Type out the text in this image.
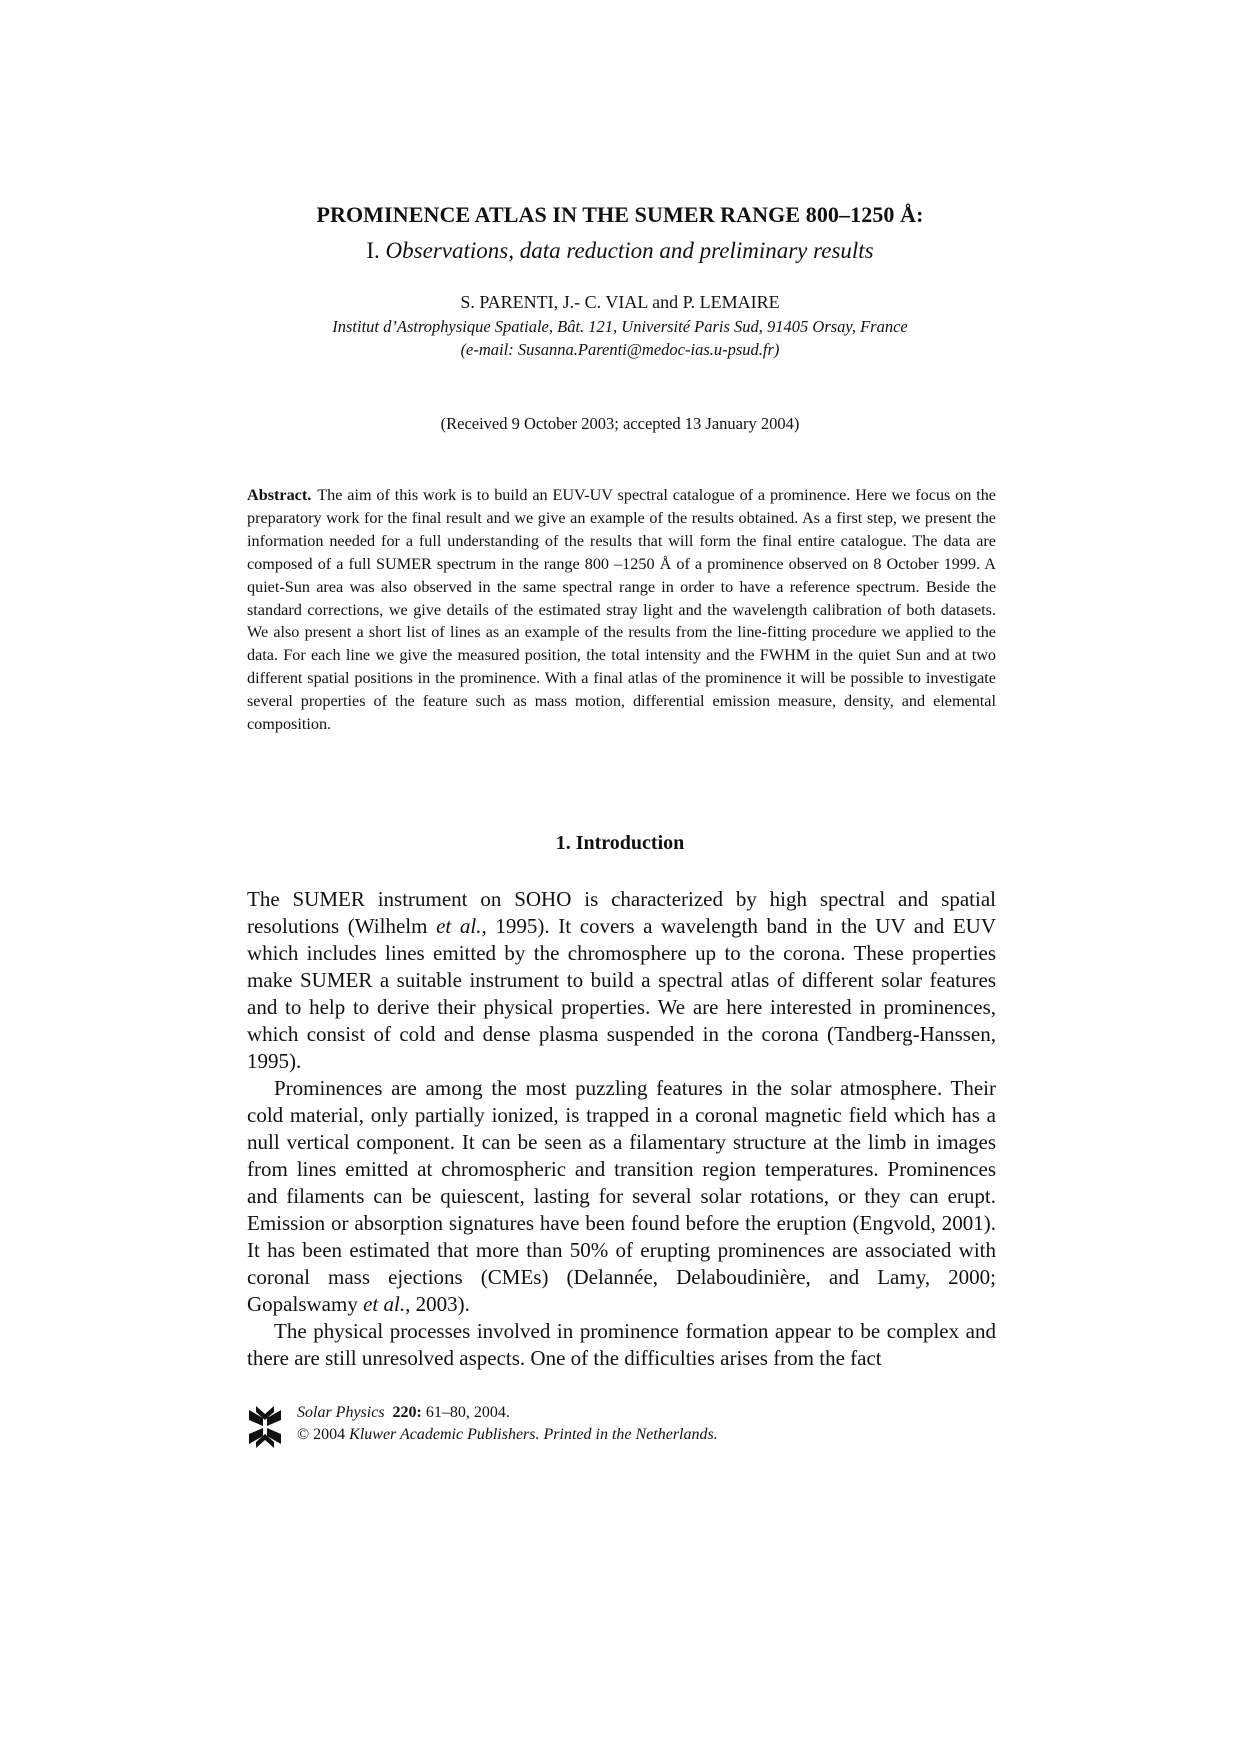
PROMINENCE ATLAS IN THE SUMER RANGE 800–1250 Å:
I. Observations, data reduction and preliminary results
S. PARENTI, J.- C. VIAL and P. LEMAIRE
Institut d’Astrophysique Spatiale, Bât. 121, Université Paris Sud, 91405 Orsay, France
(e-mail: Susanna.Parenti@medoc-ias.u-psud.fr)
(Received 9 October 2003; accepted 13 January 2004)
Abstract. The aim of this work is to build an EUV-UV spectral catalogue of a prominence. Here we focus on the preparatory work for the final result and we give an example of the results obtained. As a first step, we present the information needed for a full understanding of the results that will form the final entire catalogue. The data are composed of a full SUMER spectrum in the range 800 –1250 Å of a prominence observed on 8 October 1999. A quiet-Sun area was also observed in the same spectral range in order to have a reference spectrum. Beside the standard corrections, we give details of the estimated stray light and the wavelength calibration of both datasets. We also present a short list of lines as an example of the results from the line-fitting procedure we applied to the data. For each line we give the measured position, the total intensity and the FWHM in the quiet Sun and at two different spatial positions in the prominence. With a final atlas of the prominence it will be possible to investigate several properties of the feature such as mass motion, differential emission measure, density, and elemental composition.
1. Introduction

The SUMER instrument on SOHO is characterized by high spectral and spatial resolutions (Wilhelm et al., 1995). It covers a wavelength band in the UV and EUV which includes lines emitted by the chromosphere up to the corona. These properties make SUMER a suitable instrument to build a spectral atlas of different solar features and to help to derive their physical properties. We are here interested in prominences, which consist of cold and dense plasma suspended in the corona (Tandberg-Hanssen, 1995).

Prominences are among the most puzzling features in the solar atmosphere. Their cold material, only partially ionized, is trapped in a coronal magnetic field which has a null vertical component. It can be seen as a filamentary structure at the limb in images from lines emitted at chromospheric and transition region temperatures. Prominences and filaments can be quiescent, lasting for several solar rotations, or they can erupt. Emission or absorption signatures have been found before the eruption (Engvold, 2001). It has been estimated that more than 50% of erupting prominences are associated with coronal mass ejections (CMEs) (Delannée, Delaboudinière, and Lamy, 2000; Gopalswamy et al., 2003).

The physical processes involved in prominence formation appear to be complex and there are still unresolved aspects. One of the difficulties arises from the fact

Solar Physics 220: 61–80, 2004.
© 2004 Kluwer Academic Publishers. Printed in the Netherlands.
